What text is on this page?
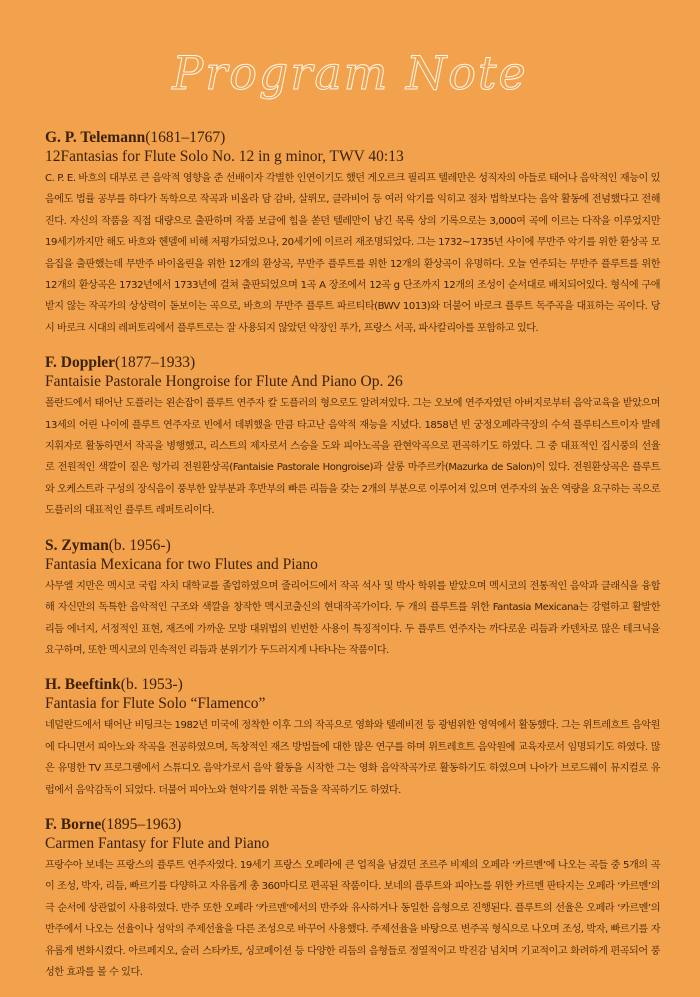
Program Note
G. P. Telemann(1681–1767)
12Fantasias for Flute Solo No. 12 in g minor, TWV 40:13

C. P. E. 바흐의 대부로 큰 음악적 영향을 준 선배이자 각별한 인연이기도 했던 게오르크 필리프 텔레만은 성직자의 아들로 태어나 음악적인 재능이 있음에도 법률 공부를 하다가 독학으로 작곡과 비올라 담 감바, 살뤼모, 클라비어 등 여러 악기를 익히고 점차 법학보다는 음악 활동에 전념했다고 전해진다. 자신의 작품을 직접 대량으로 출판하며 작품 보급에 힘을 쏟던 텔레만이 남긴 목록 상의 기록으로는 3,000여 곡에 이르는 다작을 이루었지만 19세기까지만 해도 바흐와 헨델에 비해 저평가되었으나, 20세기에 이르러 재조명되었다. 그는 1732~1735년 사이에 무반주 악기를 위한 환상곡 모음집을 출판했는데 무반주 바이올린을 위한 12개의 환상곡, 무반주 플루트를 위한 12개의 환상곡이 유명하다. 오늘 연주되는 무반주 플루트를 위한 12개의 환상곡은 1732년에서 1733년에 걸쳐 출판되었으며 1곡 A 장조에서 12곡 g 단조까지 12개의 조성이 순서대로 배치되어있다. 형식에 구애받지 않는 작곡가의 상상력이 돋보이는 곡으로, 바흐의 무반주 플루트 파르티타(BWV 1013)와 더불어 바로크 플루트 독주곡을 대표하는 곡이다. 당시 바로크 시대의 레퍼토리에서 플루트로는 잘 사용되지 않았던 악장인 푸가, 프랑스 서곡, 파사칼리아를 포함하고 있다.

F. Doppler(1877–1933)
Fantaisie Pastorale Hongroise for Flute And Piano Op. 26

폴란드에서 태어난 도플러는 왼손잡이 플루트 연주자 칼 도플러의 형으로도 알려져있다. 그는 오보에 연주자였던 아버지로부터 음악교육을 받았으며 13세의 어린 나이에 플루트 연주자로 빈에서 데뷔했을 만큼 타고난 음악적 재능을 지녔다. 1858년 빈 궁정오페라극장의 수석 플루티스트이자 발레 지휘자로 활동하면서 작곡을 병행했고, 리스트의 제자로서 스승을 도와 피아노곡을 관현악곡으로 편곡하기도 하였다. 그 중 대표적인 집시풍의 선율로 전원적인 색깔이 짙은 헝가리 전원환상곡(Fantaisie Pastorale Hongroise)과 살롱 마주르카(Mazurka de Salon)이 있다. 전원환상곡은 플루트와 오케스트라 구성의 장식음이 풍부한 앞부분과 후반부의 빠른 리듬을 갖는 2개의 부분으로 이루어져 있으며 연주자의 높은 역량을 요구하는 곡으로 도플러의 대표적인 플루트 레퍼토리이다.

S. Zyman(b. 1956-)
Fantasia Mexicana for two Flutes and Piano

사무엘 지만은 멕시코 국립 자치 대학교를 졸업하였으며 줄리어드에서 작곡 석사 및 박사 학위를 받았으며 멕시코의 전통적인 음악과 클래식을 융합해 자신만의 독특한 음악적인 구조와 색깔을 창작한 멕시코출신의 현대작곡가이다. 두 개의 플루트를 위한 Fantasia Mexicana는 강렬하고 활발한 리듬 에너지, 서정적인 표현, 재즈에 가까운 모방 대위법의 빈번한 사용이 특징적이다. 두 플루트 연주자는 까다로운 리듬과 카덴차로 많은 테크닉을 요구하며, 또한 멕시코의 민속적인 리듬과 분위기가 두드러지게 나타나는 작품이다.

H. Beeftink(b. 1953-)
Fantasia for Flute Solo “Flamenco”

네덜란드에서 태어난 비팅크는 1982년 미국에 정착한 이후 그의 작곡으로 영화와 텔레비전 등 광범위한 영역에서 활동했다. 그는 위트레흐트 음악원에 다니면서 피아노와 작곡을 전공하였으며, 독창적인 재즈 방법들에 대한 많은 연구를 하며 위트레흐트 음악원에 교육자로서 임명되기도 하였다. 많은 유명한 TV 프로그램에서 스튜디오 음악가로서 음악 활동을 시작한 그는 영화 음악작곡가로 활동하기도 하였으며 나아가 브로드웨이 뮤지컬로 유럽에서 음악감독이 되었다. 더불어 피아노와 현악기를 위한 곡들을 작곡하기도 하였다.

F. Borne(1895–1963)
Carmen Fantasy for Flute and Piano

프랑수아 보네는 프랑스의 플루트 연주자였다. 19세기 프랑스 오페라에 큰 업적을 남겼던 조르주 비제의 오페라 ‘카르멘’에 나오는 곡들 중 5개의 곡이 조성, 박자, 리듬, 빠르기를 다양하고 자유롭게 총 360마디로 편곡된 작품이다. 보네의 플루트와 피아노를 위한 카르멘 판타지는 오페라 ‘카르멘’의 극 순서에 상관없이 사용하였다. 반주 또한 오페라 ‘카르멘’에서의 반주와 유사하거나 동일한 음형으로 진행된다. 플루트의 선율은 오페라 ‘카르멘’의 반주에서 나오는 선율이나 성악의 주제선율을 다른 조성으로 바꾸어 사용했다. 주제선율을 바탕으로 변주곡 형식으로 나오며 조성, 박자, 빠르기를 자유롭게 변화시켰다. 아르페지오, 슬러 스타카토, 싱코페이션 등 다양한 리듬의 음형들로 정열적이고 박진감 넘치며 기교적이고 화려하게 편곡되어 풍성한 효과를 볼 수 있다.
